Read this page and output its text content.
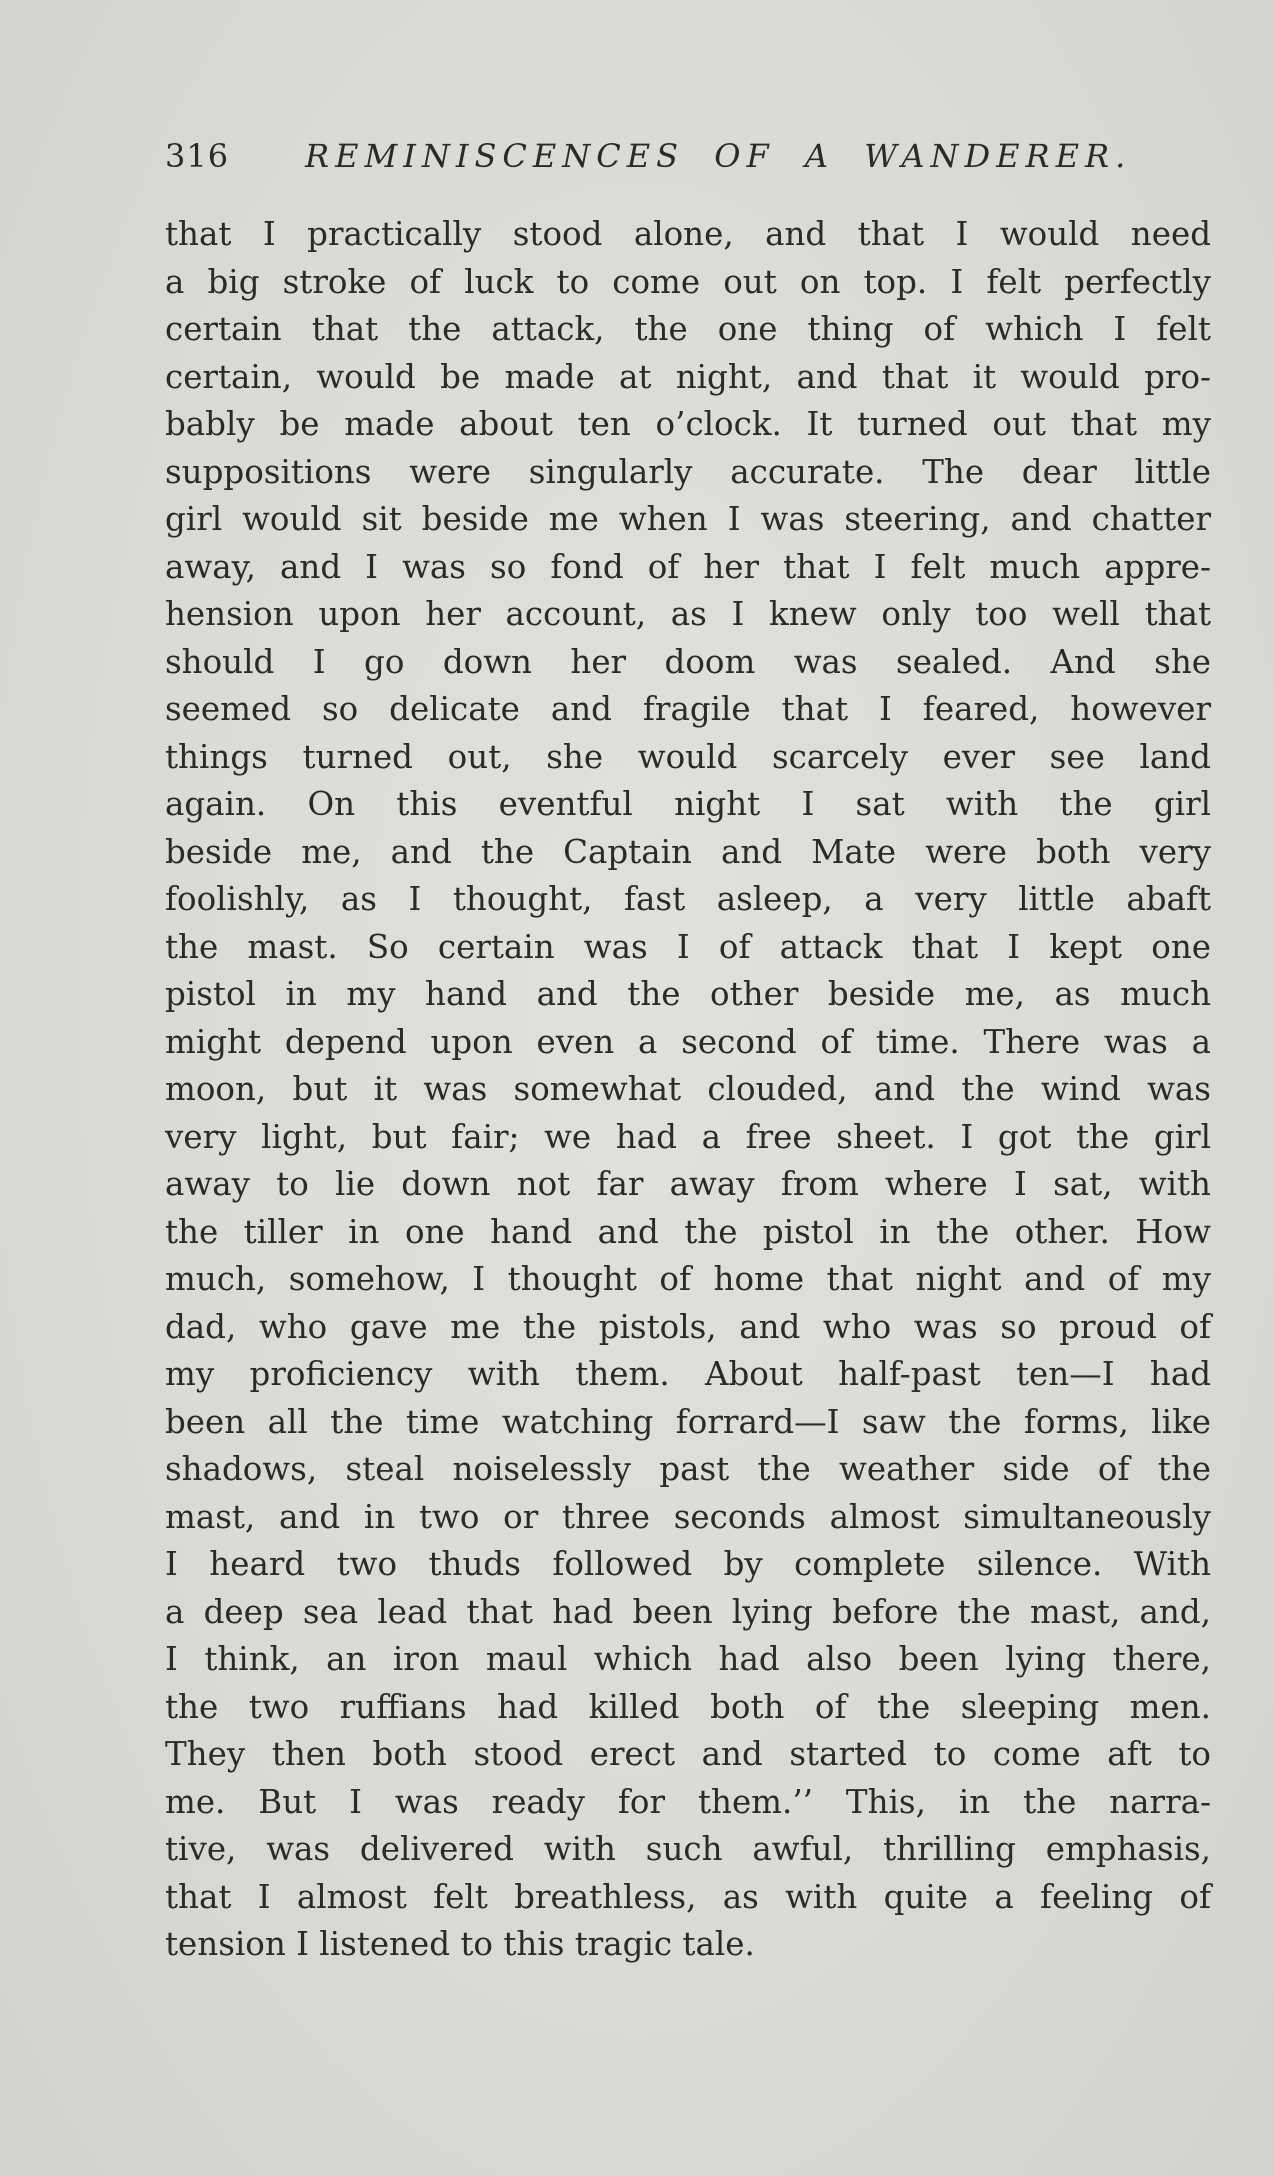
316 REMINISCENCES OF A WANDERER.
that I practically stood alone, and that I would need
a big stroke of luck to come out on top. I felt perfectly
certain that the attack, the one thing of which I felt
certain, would be made at night, and that it would pro-
bably be made about ten o’clock. It turned out that my
suppositions were singularly accurate. The dear little
girl would sit beside me when I was steering, and chatter
away, and I was so fond of her that I felt much appre-
hension upon her account, as I knew only too well that
should I go down her doom was sealed. And she
seemed so delicate and fragile that I feared, however
things turned out, she would scarcely ever see land
again. On this eventful night I sat with the girl
beside me, and the Captain and Mate were both very
foolishly, as I thought, fast asleep, a very little abaft
the mast. So certain was I of attack that I kept one
pistol in my hand and the other beside me, as much
might depend upon even a second of time. There was a
moon, but it was somewhat clouded, and the wind was
very light, but fair; we had a free sheet. I got the girl
away to lie down not far away from where I sat, with
the tiller in one hand and the pistol in the other. How
much, somehow, I thought of home that night and of my
dad, who gave me the pistols, and who was so proud of
my proficiency with them. About half-past ten—I had
been all the time watching forrard—I saw the forms, like
shadows, steal noiselessly past the weather side of the
mast, and in two or three seconds almost simultaneously
I heard two thuds followed by complete silence. With
a deep sea lead that had been lying before the mast, and,
I think, an iron maul which had also been lying there,
the two ruffians had killed both of the sleeping men.
They then both stood erect and started to come aft to
me. But I was ready for them.’’ This, in the narra-
tive, was delivered with such awful, thrilling emphasis,
that I almost felt breathless, as with quite a feeling of
tension I listened to this tragic tale.
